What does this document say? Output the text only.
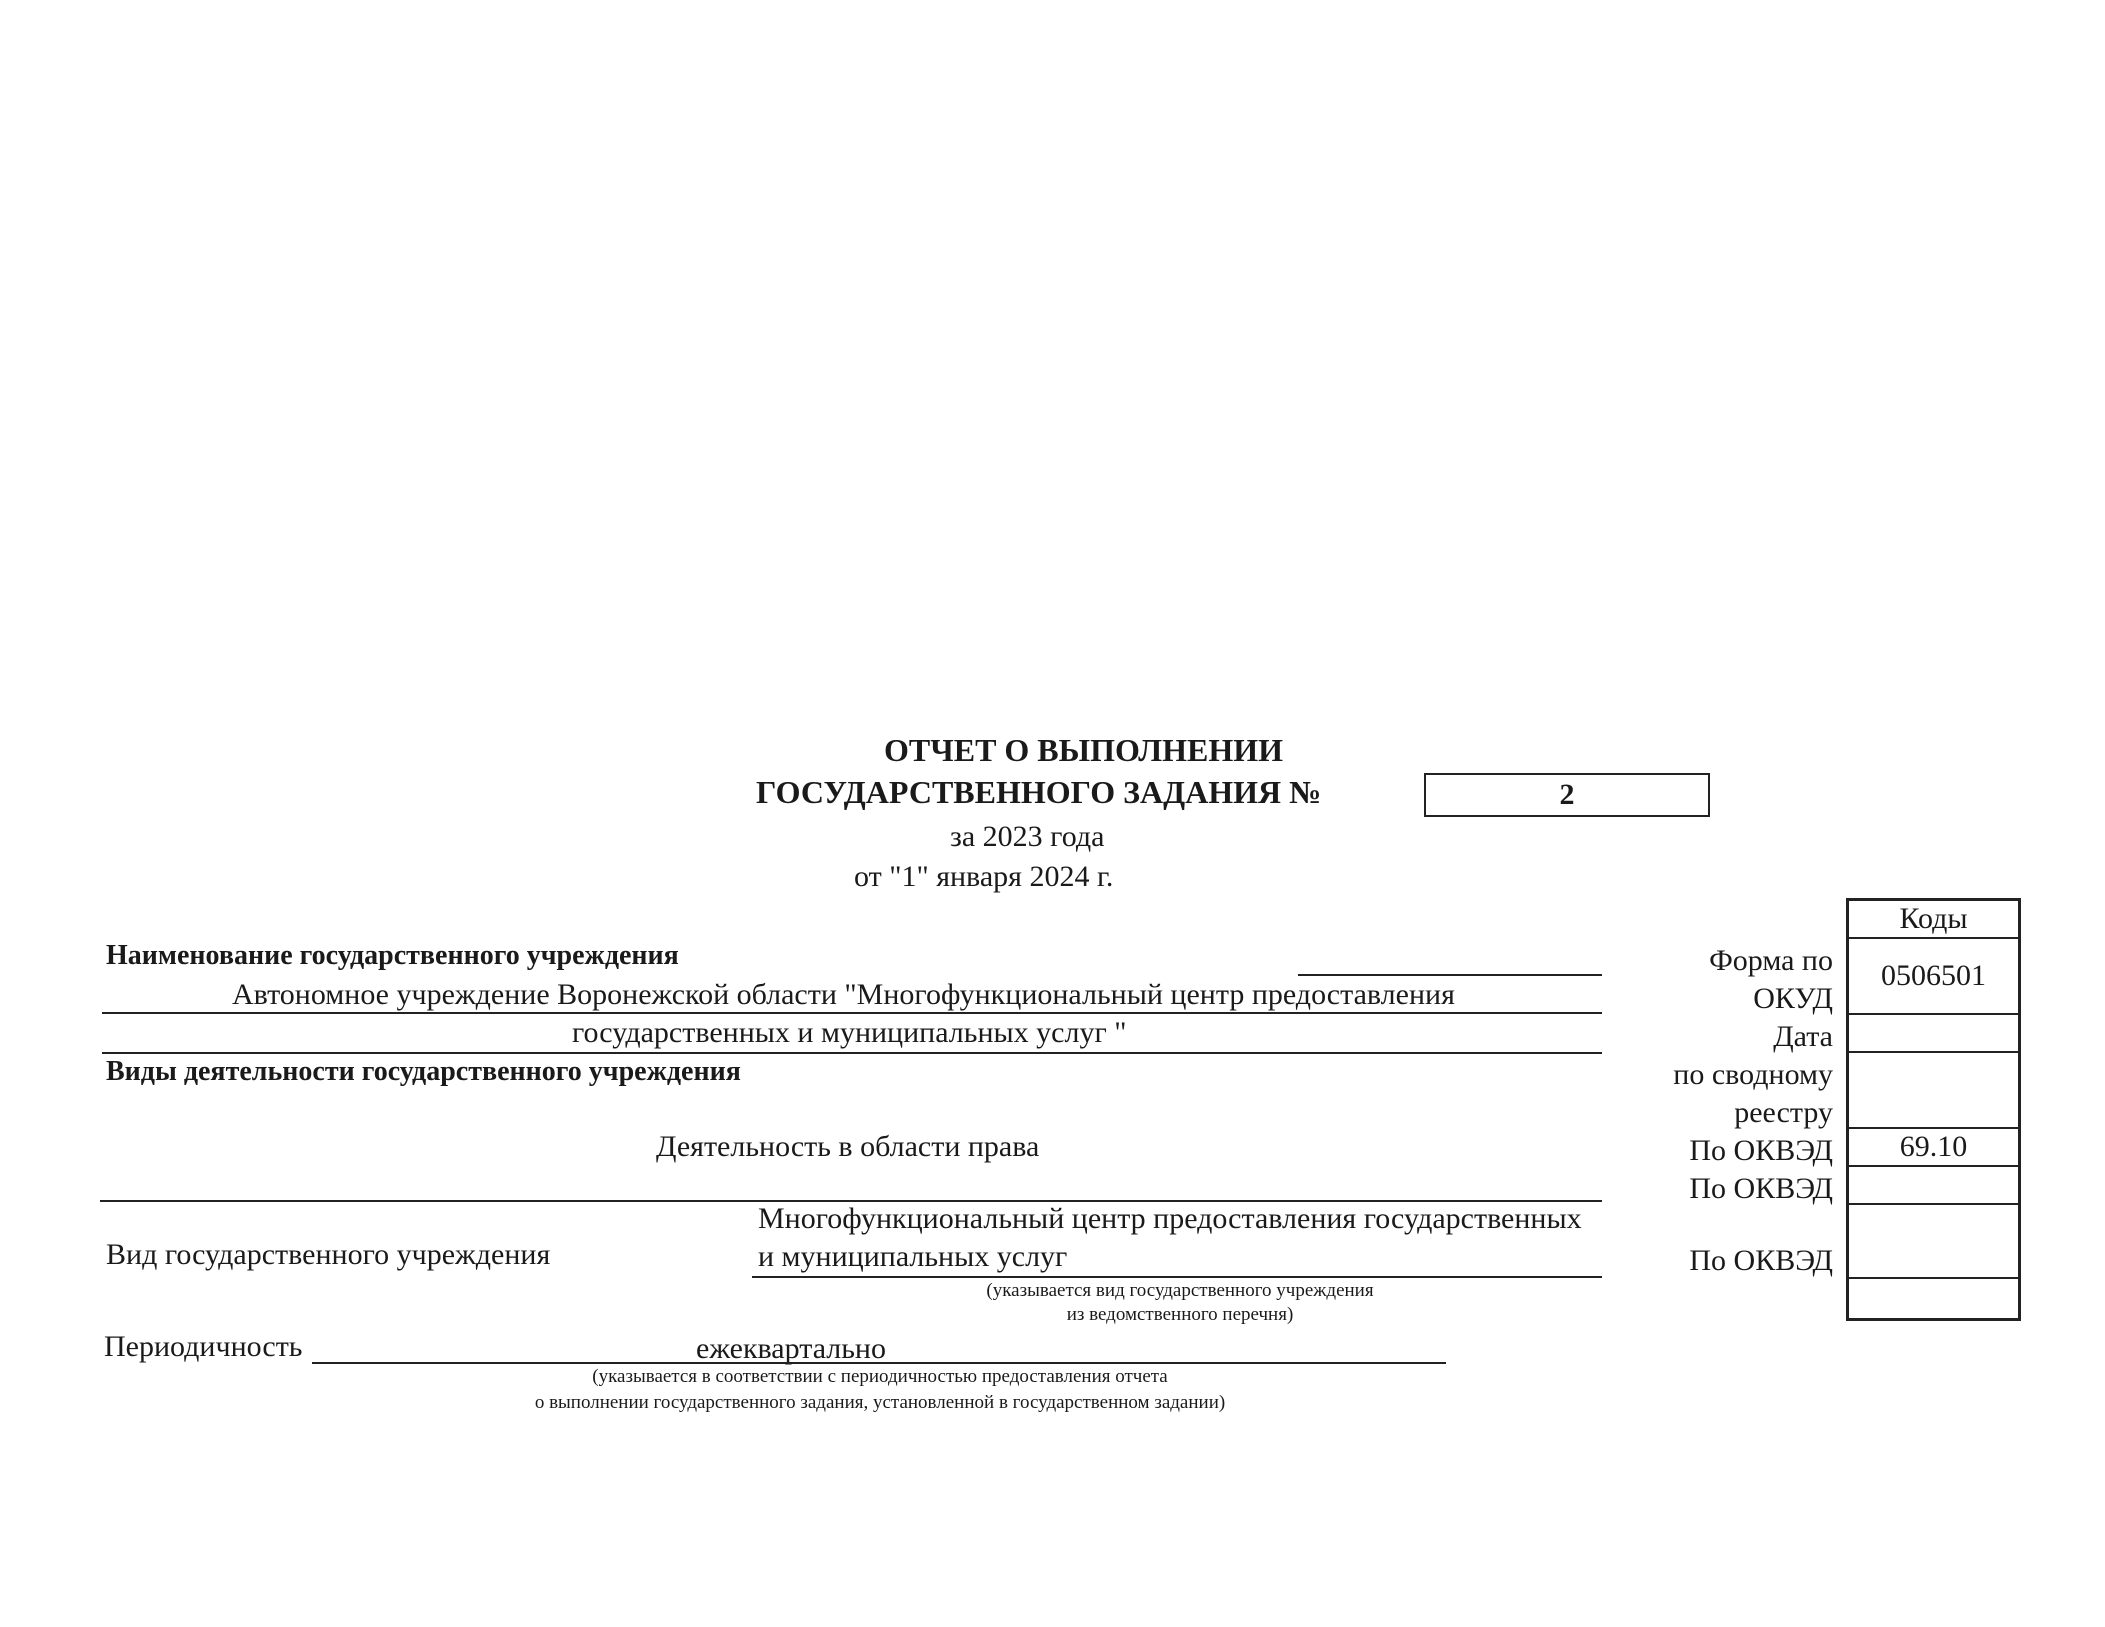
ОТЧЕТ О ВЫПОЛНЕНИИ
ГОСУДАРСТВЕННОГО ЗАДАНИЯ №	2
за 2023 года
от "1" января 2024 г.
Коды
0506501
69.10
Форма по
ОКУД
Дата
по сводному
реестру
По ОКВЭД
По ОКВЭД
По ОКВЭД
Наименование государственного учреждения
Автономное учреждение Воронежской области "Многофункциональный центр предоставления
государственных и муниципальных услуг "
Виды деятельности государственного учреждения
Деятельность в области права
Вид государственного учреждения
Многофункциональный центр предоставления государственных
и муниципальных услуг
(указывается вид государственного учреждения
из ведомственного перечня)
Периодичность	ежеквартально
(указывается в соответствии с периодичностью предоставления отчета
о выполнении государственного задания, установленной в государственном задании)
